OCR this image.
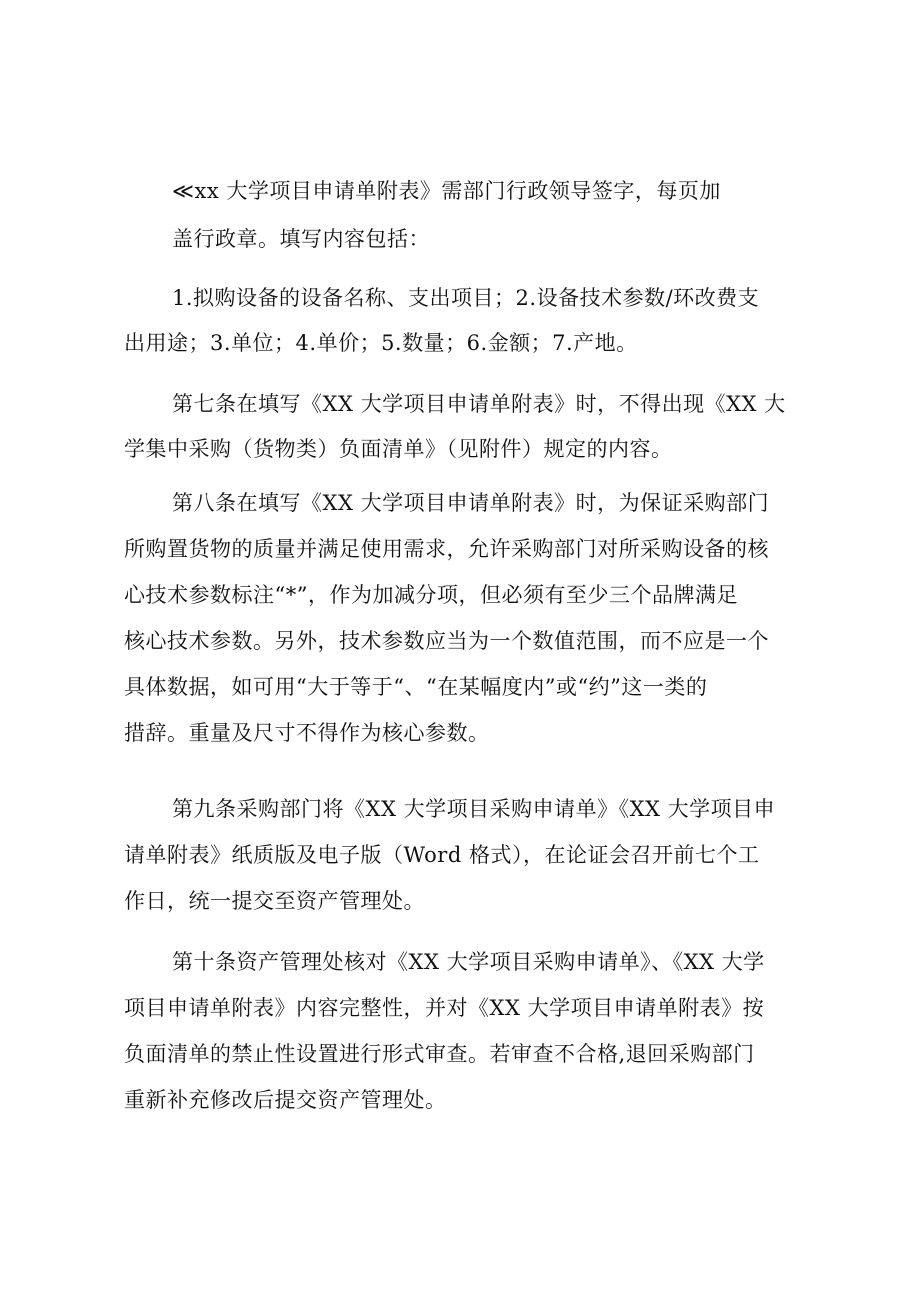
≪xx 大学项目申请单附表》需部门行政领导签字，每页加
盖行政章。填写内容包括：
1.拟购设备的设备名称、支出项目；2.设备技术参数/环改费支
出用途；3.单位；4.单价；5.数量；6.金额；7.产地。
第七条在填写《XX 大学项目申请单附表》时，不得出现《XX 大
学集中采购（货物类）负面清单》（见附件）规定的内容。
第八条在填写《XX 大学项目申请单附表》时，为保证采购部门
所购置货物的质量并满足使用需求，允许采购部门对所采购设备的核
心技术参数标注“*”，作为加减分项，但必须有至少三个品牌满足
核心技术参数。另外，技术参数应当为一个数值范围，而不应是一个
具体数据，如可用“大于等于“、“在某幅度内”或“约”这一类的
措辞。重量及尺寸不得作为核心参数。
第九条采购部门将《XX 大学项目采购申请单》《XX 大学项目申
请单附表》纸质版及电子版（Word 格式），在论证会召开前七个工
作日，统一提交至资产管理处。
第十条资产管理处核对《XX 大学项目采购申请单》、《XX 大学
项目申请单附表》内容完整性，并对《XX 大学项目申请单附表》按
负面清单的禁止性设置进行形式审查。若审查不合格,退回采购部门
重新补充修改后提交资产管理处。
